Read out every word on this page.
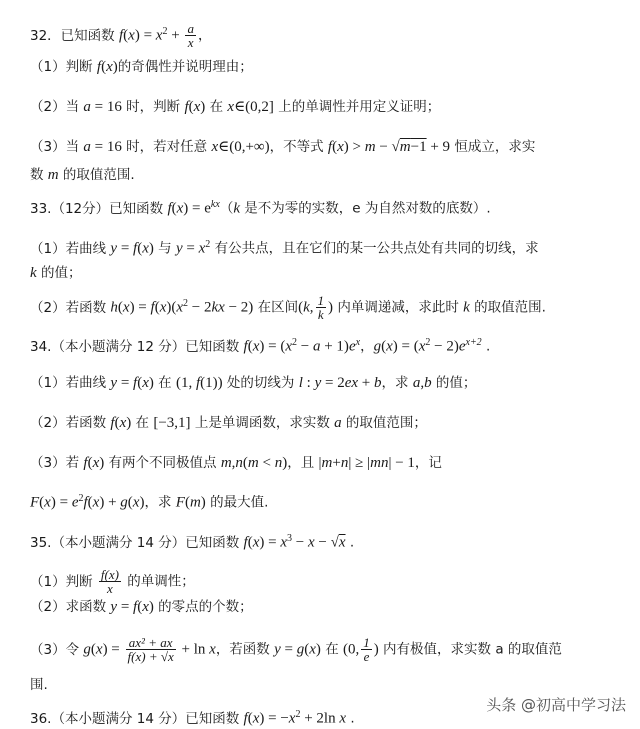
32．已知函数 $f(x) = x^2 + \frac{a}{x}$ ，
（1）判断 f(x)的奇偶性并说明理由；
（2）当 a = 16 时，判断 f(x) 在 x∈(0,2] 上的单调性并用定义证明；
（3）当 a = 16 时，若对任意 x∈(0,+∞)，不等式 f(x) > m − √m−1 + 9 恒成立，求实
数 m 的取值范围.
33.（12分）已知函数 $f(x) = e^{kx}(k$ 是不为零的实数，e 为自然对数的底数）.
（1）若曲线 y = f(x) 与 $y = x^2$ 有公共点，且在它们的某一公共点处有共同的切线，求
k 的值；
（2）若函数 $h(x) = f(x)(x^2 - 2kx - 2)$ 在区间(k, $\frac{1}{k}$ ) 内单调递减，求此时 k 的取值范围.
34.（本小题满分 12 分）已知函数 $f(x) = (x^2 - a + 1)e^x$，$g(x) = (x^2 - 2)e^{x+2}$ .
（1）若曲线 y = f(x) 在 (1, f(1)) 处的切线为 l : y = 2ex + b，求 a,b 的值；
（2）若函数 f(x) 在 [−3,1] 上是单调函数，求实数 a 的取值范围；
（3）若 f(x) 有两个不同极值点 m,n(m < n)，且 |m+n| ≥ |mn| − 1，记
$F(x) = e^2f(x) + g(x)$，求 F(m) 的最大值.
35.（本小题满分 14 分）已知函数 $f(x) = x^3 - x - √x$ .
（1）判断 $\frac{f(x)}{x}$ 的单调性；
（2）求函数 y = f(x) 的零点的个数；
（3）令 $g(x) = \frac{\text{ax² + ax}}{f(x) + √x} + \ln x$，若函数 y = g(x) 在 (0, $\frac{1}{e}$ ) 内有极值，求实数 a 的取值范
围.
36.（本小题满分 14 分）已知函数 $f(x) = -x^2 + 2\ln$ x .
头条 @初高中学习法
